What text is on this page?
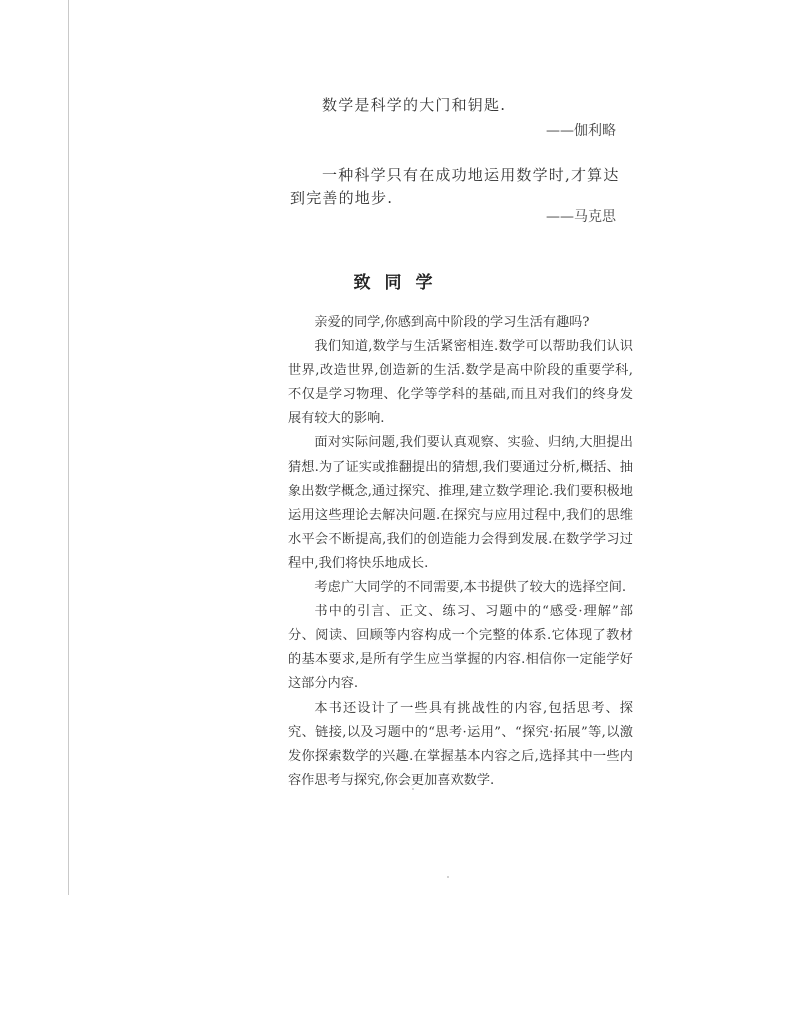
数学是科学的大门和钥匙.
——伽利略
一种科学只有在成功地运用数学时,才算达
到完善的地步.
——马克思
致同学

亲爱的同学,你感到高中阶段的学习生活有趣吗?

我们知道,数学与生活紧密相连.数学可以帮助我们认识世界,改造世界,创造新的生活.数学是高中阶段的重要学科,不仅是学习物理、化学等学科的基础,而且对我们的终身发展有较大的影响.

面对实际问题,我们要认真观察、实验、归纳,大胆提出猜想.为了证实或推翻提出的猜想,我们要通过分析,概括、抽象出数学概念,通过探究、推理,建立数学理论.我们要积极地运用这些理论去解决问题.在探究与应用过程中,我们的思维水平会不断提高,我们的创造能力会得到发展.在数学学习过程中,我们将快乐地成长.

考虑广大同学的不同需要,本书提供了较大的选择空间.

书中的引言、正文、练习、习题中的“感受·理解”部分、阅读、回顾等内容构成一个完整的体系.它体现了教材的基本要求,是所有学生应当掌握的内容.相信你一定能学好这部分内容.

本书还设计了一些具有挑战性的内容,包括思考、探究、链接,以及习题中的“思考·运用”、“探究·拓展”等,以激发你探索数学的兴趣.在掌握基本内容之后,选择其中一些内容作思考与探究,你会更加喜欢数学.
